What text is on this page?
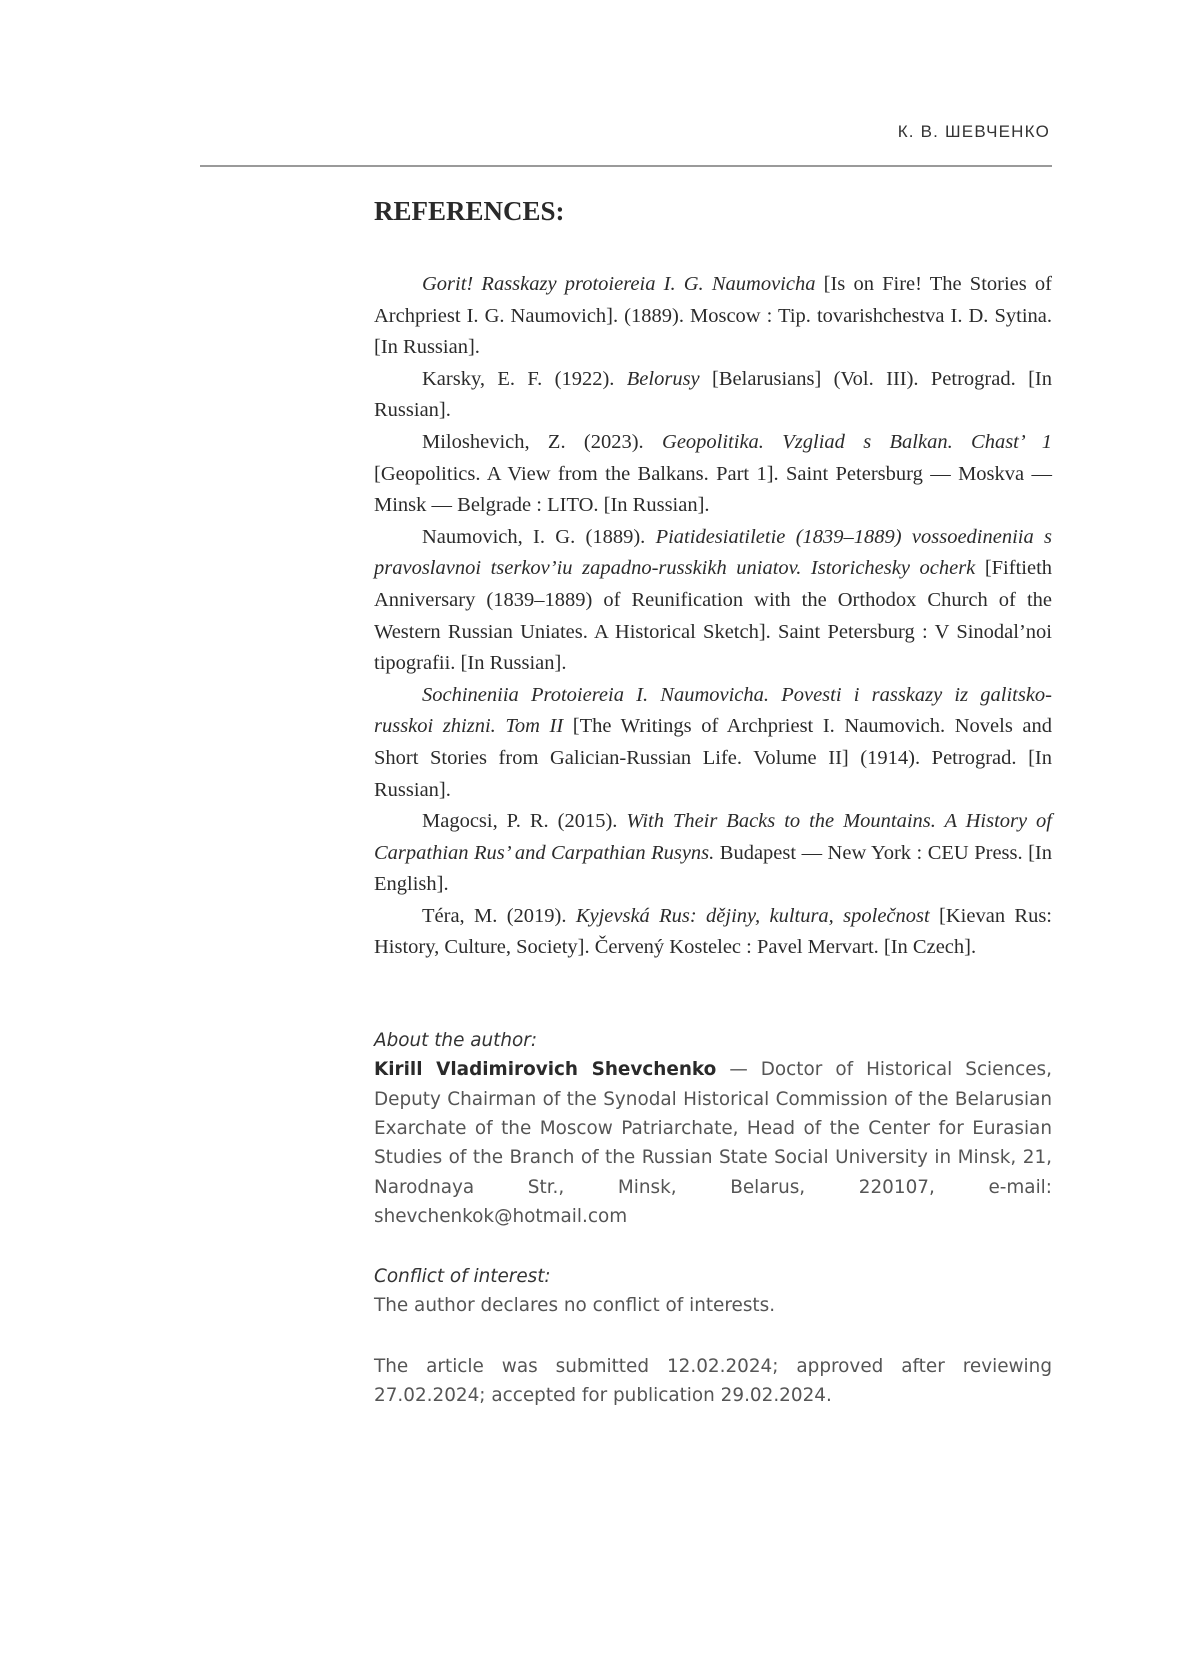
К. В. ШЕВЧЕНКО
REFERENCES:
Gorit! Rasskazy protoiereia I. G. Naumovicha [Is on Fire! The Stories of Archpriest I. G. Naumovich]. (1889). Moscow : Tip. tovarishchestva I. D. Sytina. [In Russian].
Karsky, E. F. (1922). Belorusy [Belarusians] (Vol. III). Petrograd. [In Russian].
Miloshevich, Z. (2023). Geopolitika. Vzgliad s Balkan. Chast’ 1 [Geopolitics. A View from the Balkans. Part 1]. Saint Petersburg — Moskva — Minsk — Belgrade : LITO. [In Russian].
Naumovich, I. G. (1889). Piatidesiatiletie (1839–1889) vossoedineniia s pravoslavnoi tserkov’iu zapadno-russkikh uniatov. Istorichesky ocherk [Fiftieth Anniversary (1839–1889) of Reunification with the Orthodox Church of the Western Russian Uniates. A Historical Sketch]. Saint Petersburg : V Sinodal’noi tipografii. [In Russian].
Sochineniia Protoiereia I. Naumovicha. Povesti i rasskazy iz galitsko-russkoi zhizni. Tom II [The Writings of Archpriest I. Naumovich. Novels and Short Stories from Galician-Russian Life. Volume II] (1914). Petrograd. [In Russian].
Magocsi, P. R. (2015). With Their Backs to the Mountains. A History of Carpathian Rus’ and Carpathian Rusyns. Budapest — New York : CEU Press. [In English].
Téra, M. (2019). Kyjevská Rus: dějiny, kultura, společnost [Kievan Rus: History, Culture, Society]. Červený Kostelec : Pavel Mervart. [In Czech].
About the author:
Kirill Vladimirovich Shevchenko — Doctor of Historical Sciences, Deputy Chairman of the Synodal Historical Commission of the Belarusian Exarchate of the Moscow Patriarchate, Head of the Center for Eurasian Studies of the Branch of the Russian State Social University in Minsk, 21, Narodnaya Str., Minsk, Belarus, 220107, e-mail: shevchenkok@hotmail.com
Conflict of interest:
The author declares no conflict of interests.
The article was submitted 12.02.2024; approved after reviewing 27.02.2024; accepted for publication 29.02.2024.
